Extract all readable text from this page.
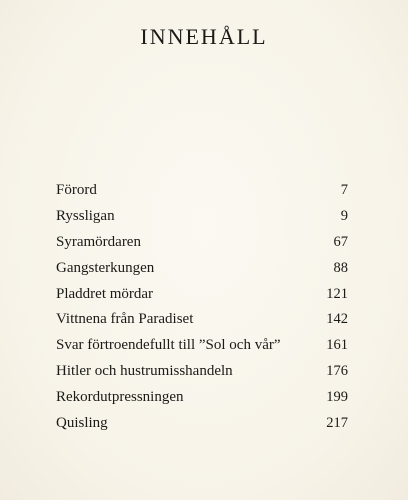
INNEHÅLL
Förord	7
Ryssligan	9
Syramördaren	67
Gangsterkungen	88
Pladdret mördar	121
Vittnena från Paradiset	142
Svar förtroendefullt till ”Sol och vår”	161
Hitler och hustrumisshandeln	176
Rekordutpressningen	199
Quisling	217
